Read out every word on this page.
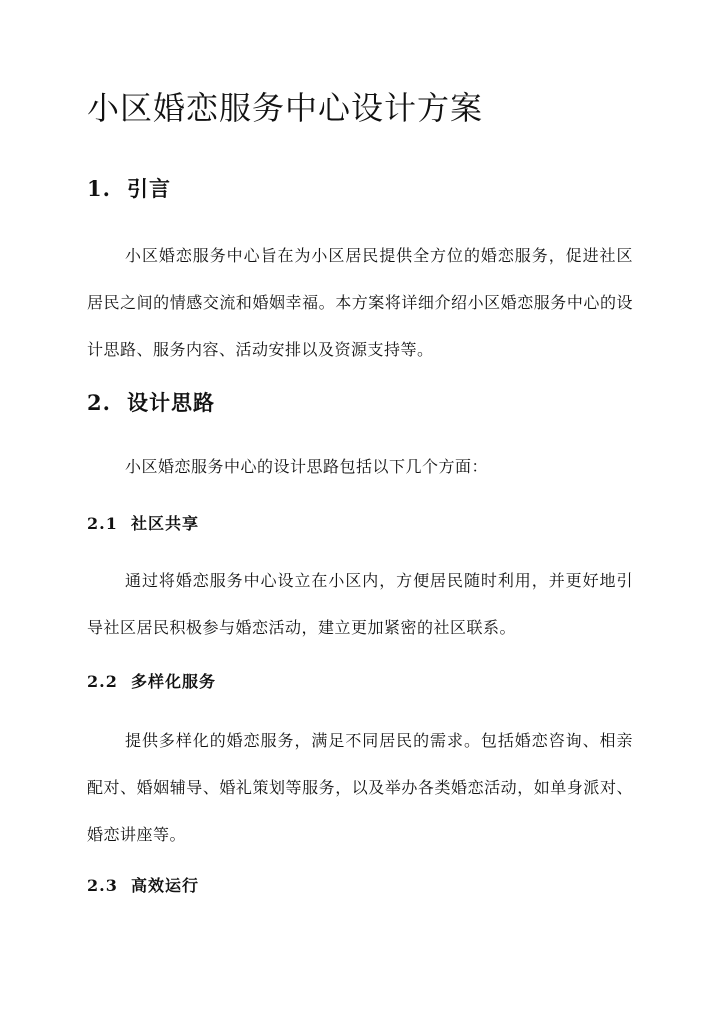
小区婚恋服务中心设计方案
1. 引言

小区婚恋服务中心旨在为小区居民提供全方位的婚恋服务，促进社区居民之间的情感交流和婚姻幸福。本方案将详细介绍小区婚恋服务中心的设计思路、服务内容、活动安排以及资源支持等。

2. 设计思路

小区婚恋服务中心的设计思路包括以下几个方面：

2.1 社区共享

通过将婚恋服务中心设立在小区内，方便居民随时利用，并更好地引导社区居民积极参与婚恋活动，建立更加紧密的社区联系。

2.2 多样化服务

提供多样化的婚恋服务，满足不同居民的需求。包括婚恋咨询、相亲配对、婚姻辅导、婚礼策划等服务，以及举办各类婚恋活动，如单身派对、婚恋讲座等。

2.3 高效运行
